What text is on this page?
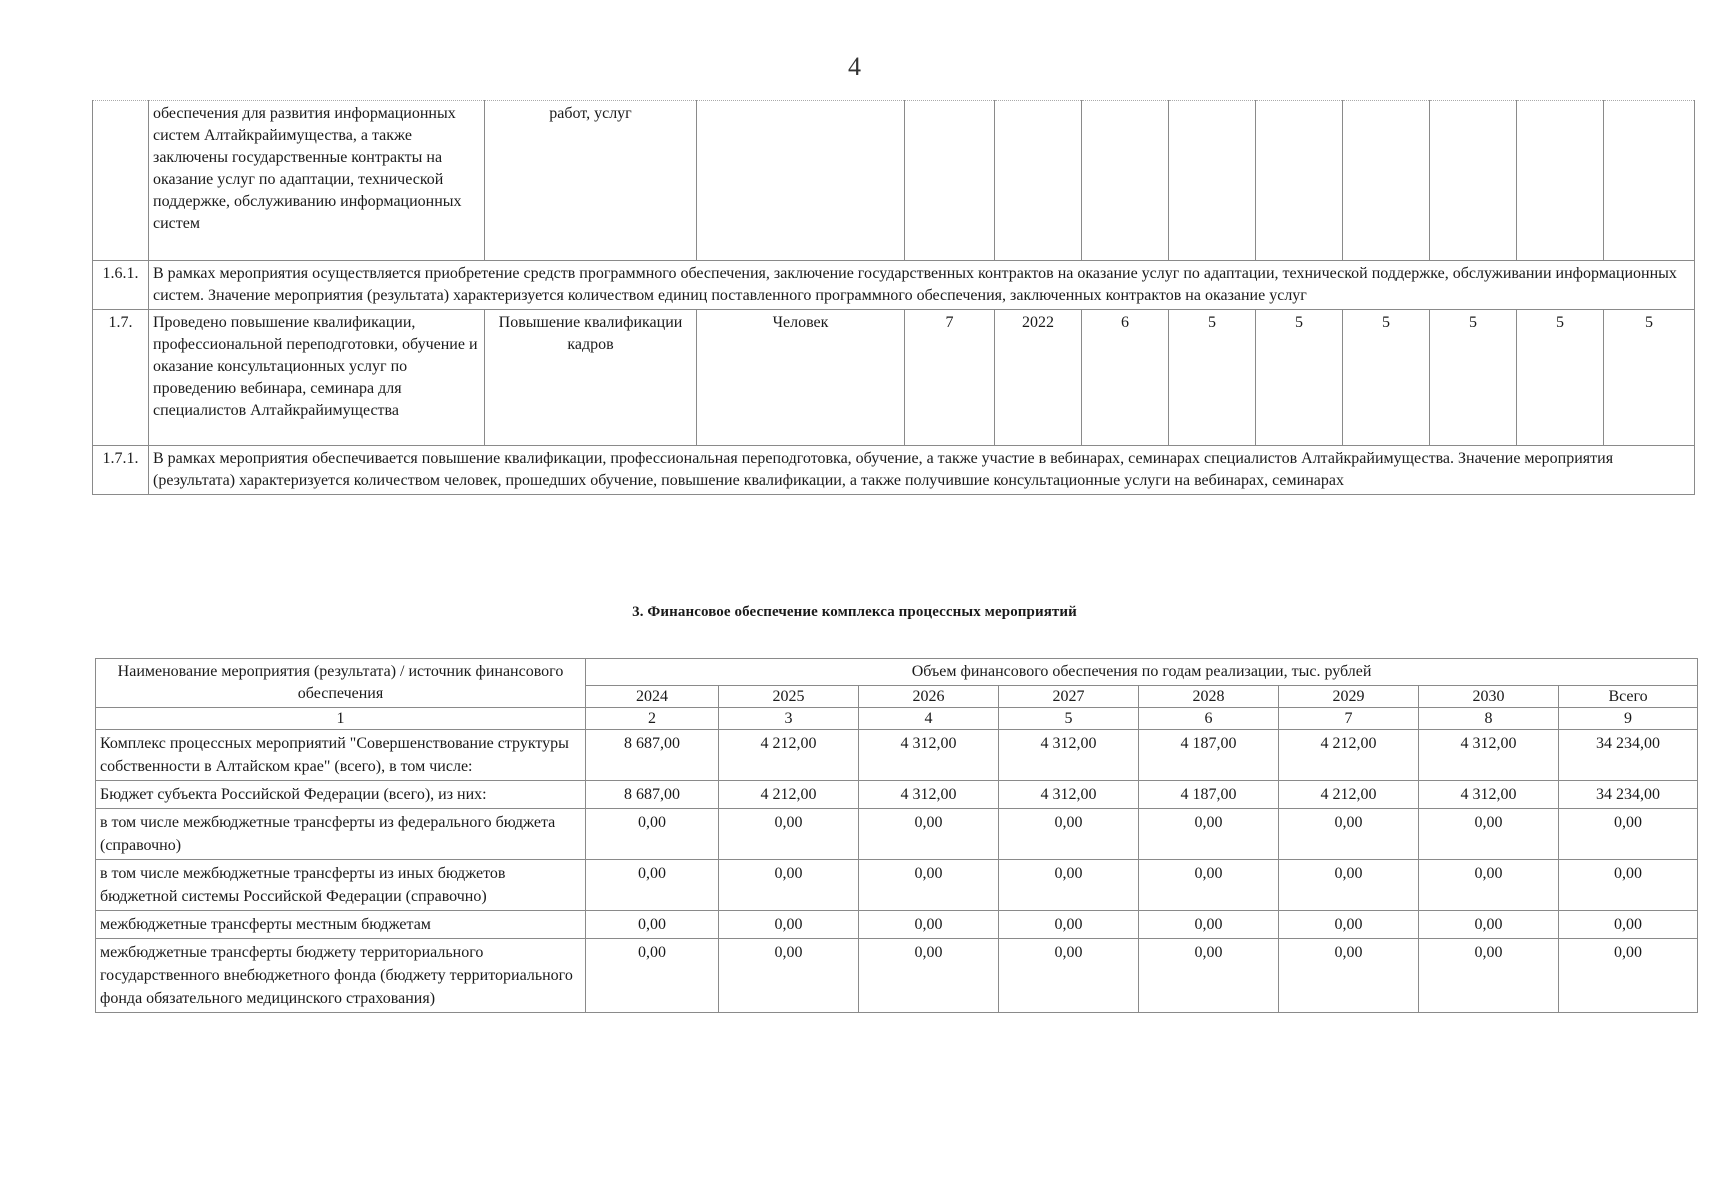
4
	обеспечения для развития информационных систем Алтайкрайимущества, а также заключены государственные контракты на оказание услуг по адаптации, технической поддержке, обслуживанию информационных систем	работ, услуг										
1.6.1.	В рамках мероприятия осуществляется приобретение средств программного обеспечения, заключение государственных контрактов на оказание услуг по адаптации, технической поддержке, обслуживании информационных систем. Значение мероприятия (результата) характеризуется количеством единиц поставленного программного обеспечения, заключенных контрактов на оказание услуг											
1.7.	Проведено повышение квалификации, профессиональной переподготовки, обучение и оказание консультационных услуг по проведению вебинара, семинара для специалистов Алтайкрайимущества	Повышение квалификации кадров	Человек	7	2022	6	5	5	5	5	5	5
1.7.1.	В рамках мероприятия обеспечивается повышение квалификации, профессиональная переподготовка, обучение, а также участие в вебинарах, семинарах специалистов Алтайкрайимущества. Значение мероприятия (результата) характеризуется количеством человек, прошедших обучение, повышение квалификации, а также получившие консультационные услуги на вебинарах, семинарах											
3. Финансовое обеспечение комплекса процессных мероприятий
Наименование мероприятия (результата) / источник финансового обеспечения	Объем финансового обеспечения по годам реализации, тыс. рублей							
	2024	2025	2026	2027	2028	2029	2030	Всего
1	2	3	4	5	6	7	8	9
Комплекс процессных мероприятий "Совершенствование структуры собственности в Алтайском крае" (всего), в том числе:	8 687,00	4 212,00	4 312,00	4 312,00	4 187,00	4 212,00	4 312,00	34 234,00
Бюджет субъекта Российской Федерации (всего), из них:	8 687,00	4 212,00	4 312,00	4 312,00	4 187,00	4 212,00	4 312,00	34 234,00
в том числе межбюджетные трансферты из федерального бюджета (справочно)	0,00	0,00	0,00	0,00	0,00	0,00	0,00	0,00
в том числе межбюджетные трансферты из иных бюджетов бюджетной системы Российской Федерации (справочно)	0,00	0,00	0,00	0,00	0,00	0,00	0,00	0,00
межбюджетные трансферты местным бюджетам	0,00	0,00	0,00	0,00	0,00	0,00	0,00	0,00
межбюджетные трансферты бюджету территориального государственного внебюджетного фонда (бюджету территориального фонда обязательного медицинского страхования)	0,00	0,00	0,00	0,00	0,00	0,00	0,00	0,00
